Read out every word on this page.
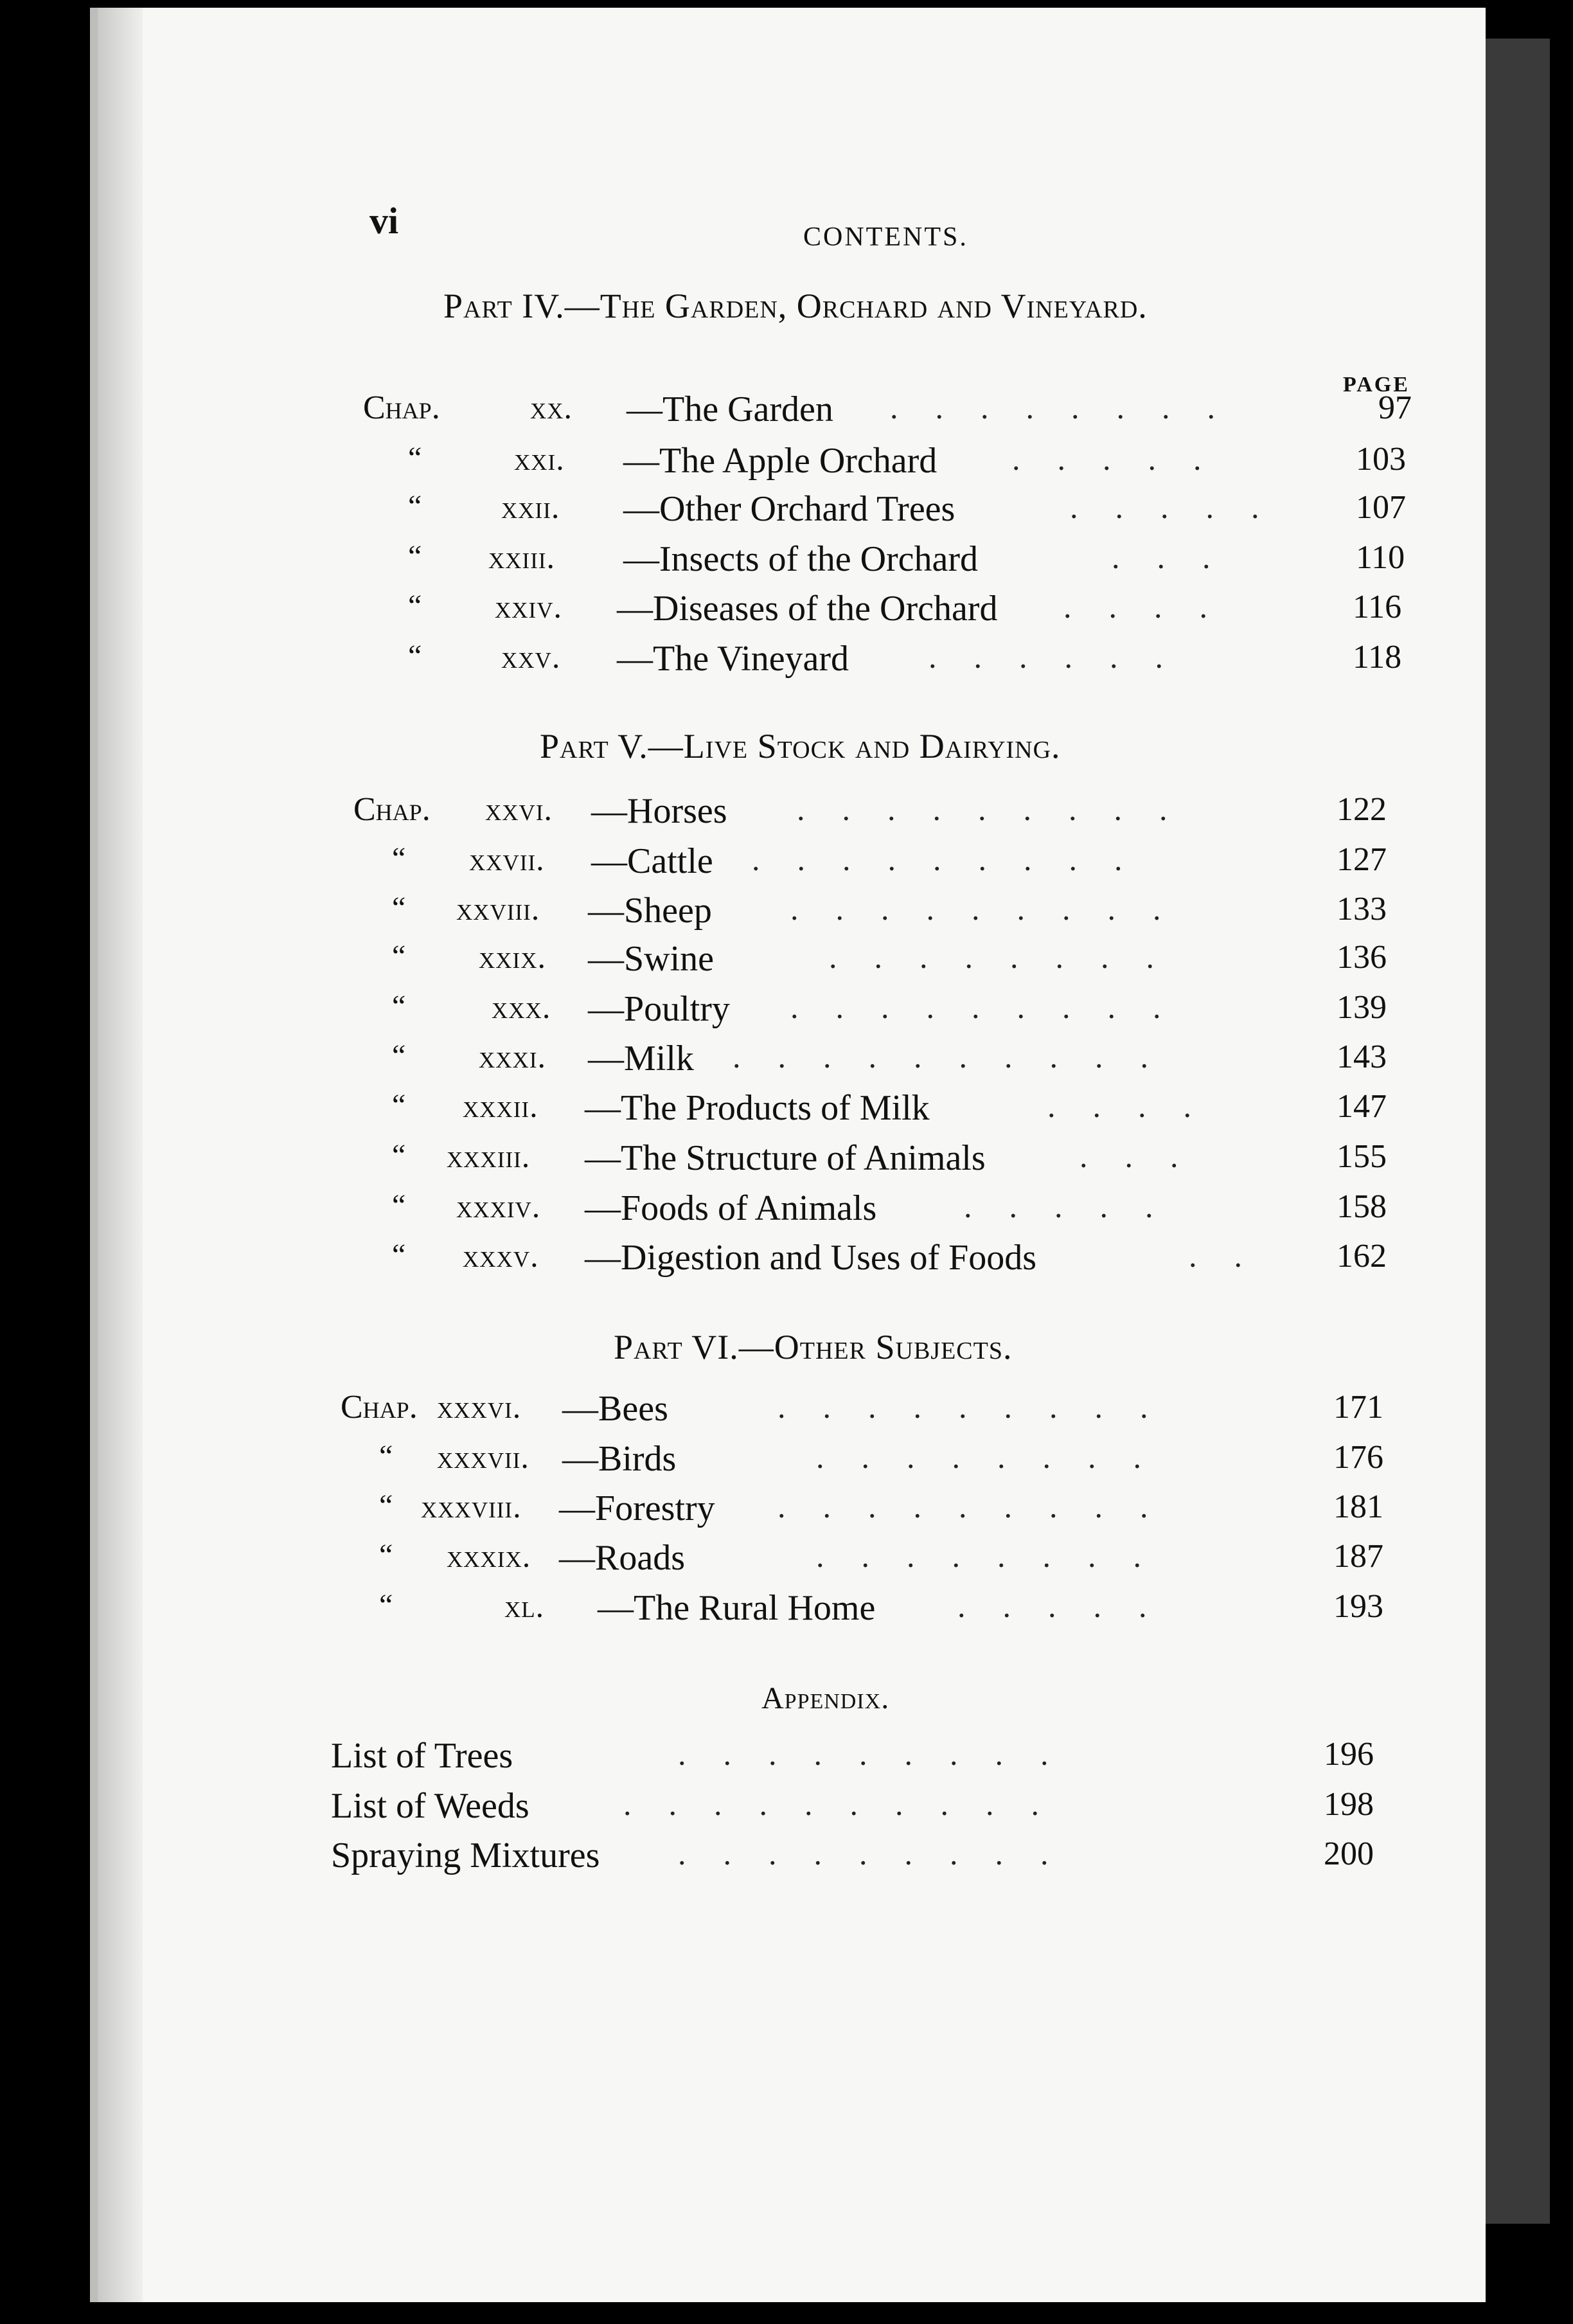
vi	CONTENTS.
Part IV.—The Garden, Orchard and Vineyard.
PAGE
Chap.	xx. —The Garden ........	97
“	xxi. —The Apple Orchard .....	103
“ xxii. —Other Orchard Trees	..... 107
“ xxiii. —Insects of the Orchard	...	110
“ xxiv. —Diseases of the Orchard ....	116
“ xxv. —The Vineyard ......	118
Part V.—Live Stock and Dairying.
Chap. xxvi. —Horses .........	122
“ xxvii. —Cattle .........	127
“ xxviii. —Sheep .........	133
“ xxix. —Swine	........	136
“	xxx. —Poultry .........	139
“ xxxi. —Milk ..........	143
“ xxxii. —The Products of Milk	....	147
“ xxxiii. —The Structure of Animals	...	155
“ xxxiv. —Foods of Animals	.....	158
“ xxxv. —Digestion and Uses of Foods	.. 162
Part VI.—Other Subjects.
Chap. xxxvi. —Bees	.........	171
“ xxxvii. —Birds	........	176
“ xxxviii. —Forestry .........	181
“ xxxix. —Roads	........	187
“	xl. —The Rural Home	.....	193
Appendix.
List of Trees	.........	196
List of Weeds	..........	198
Spraying Mixtures .........	200
